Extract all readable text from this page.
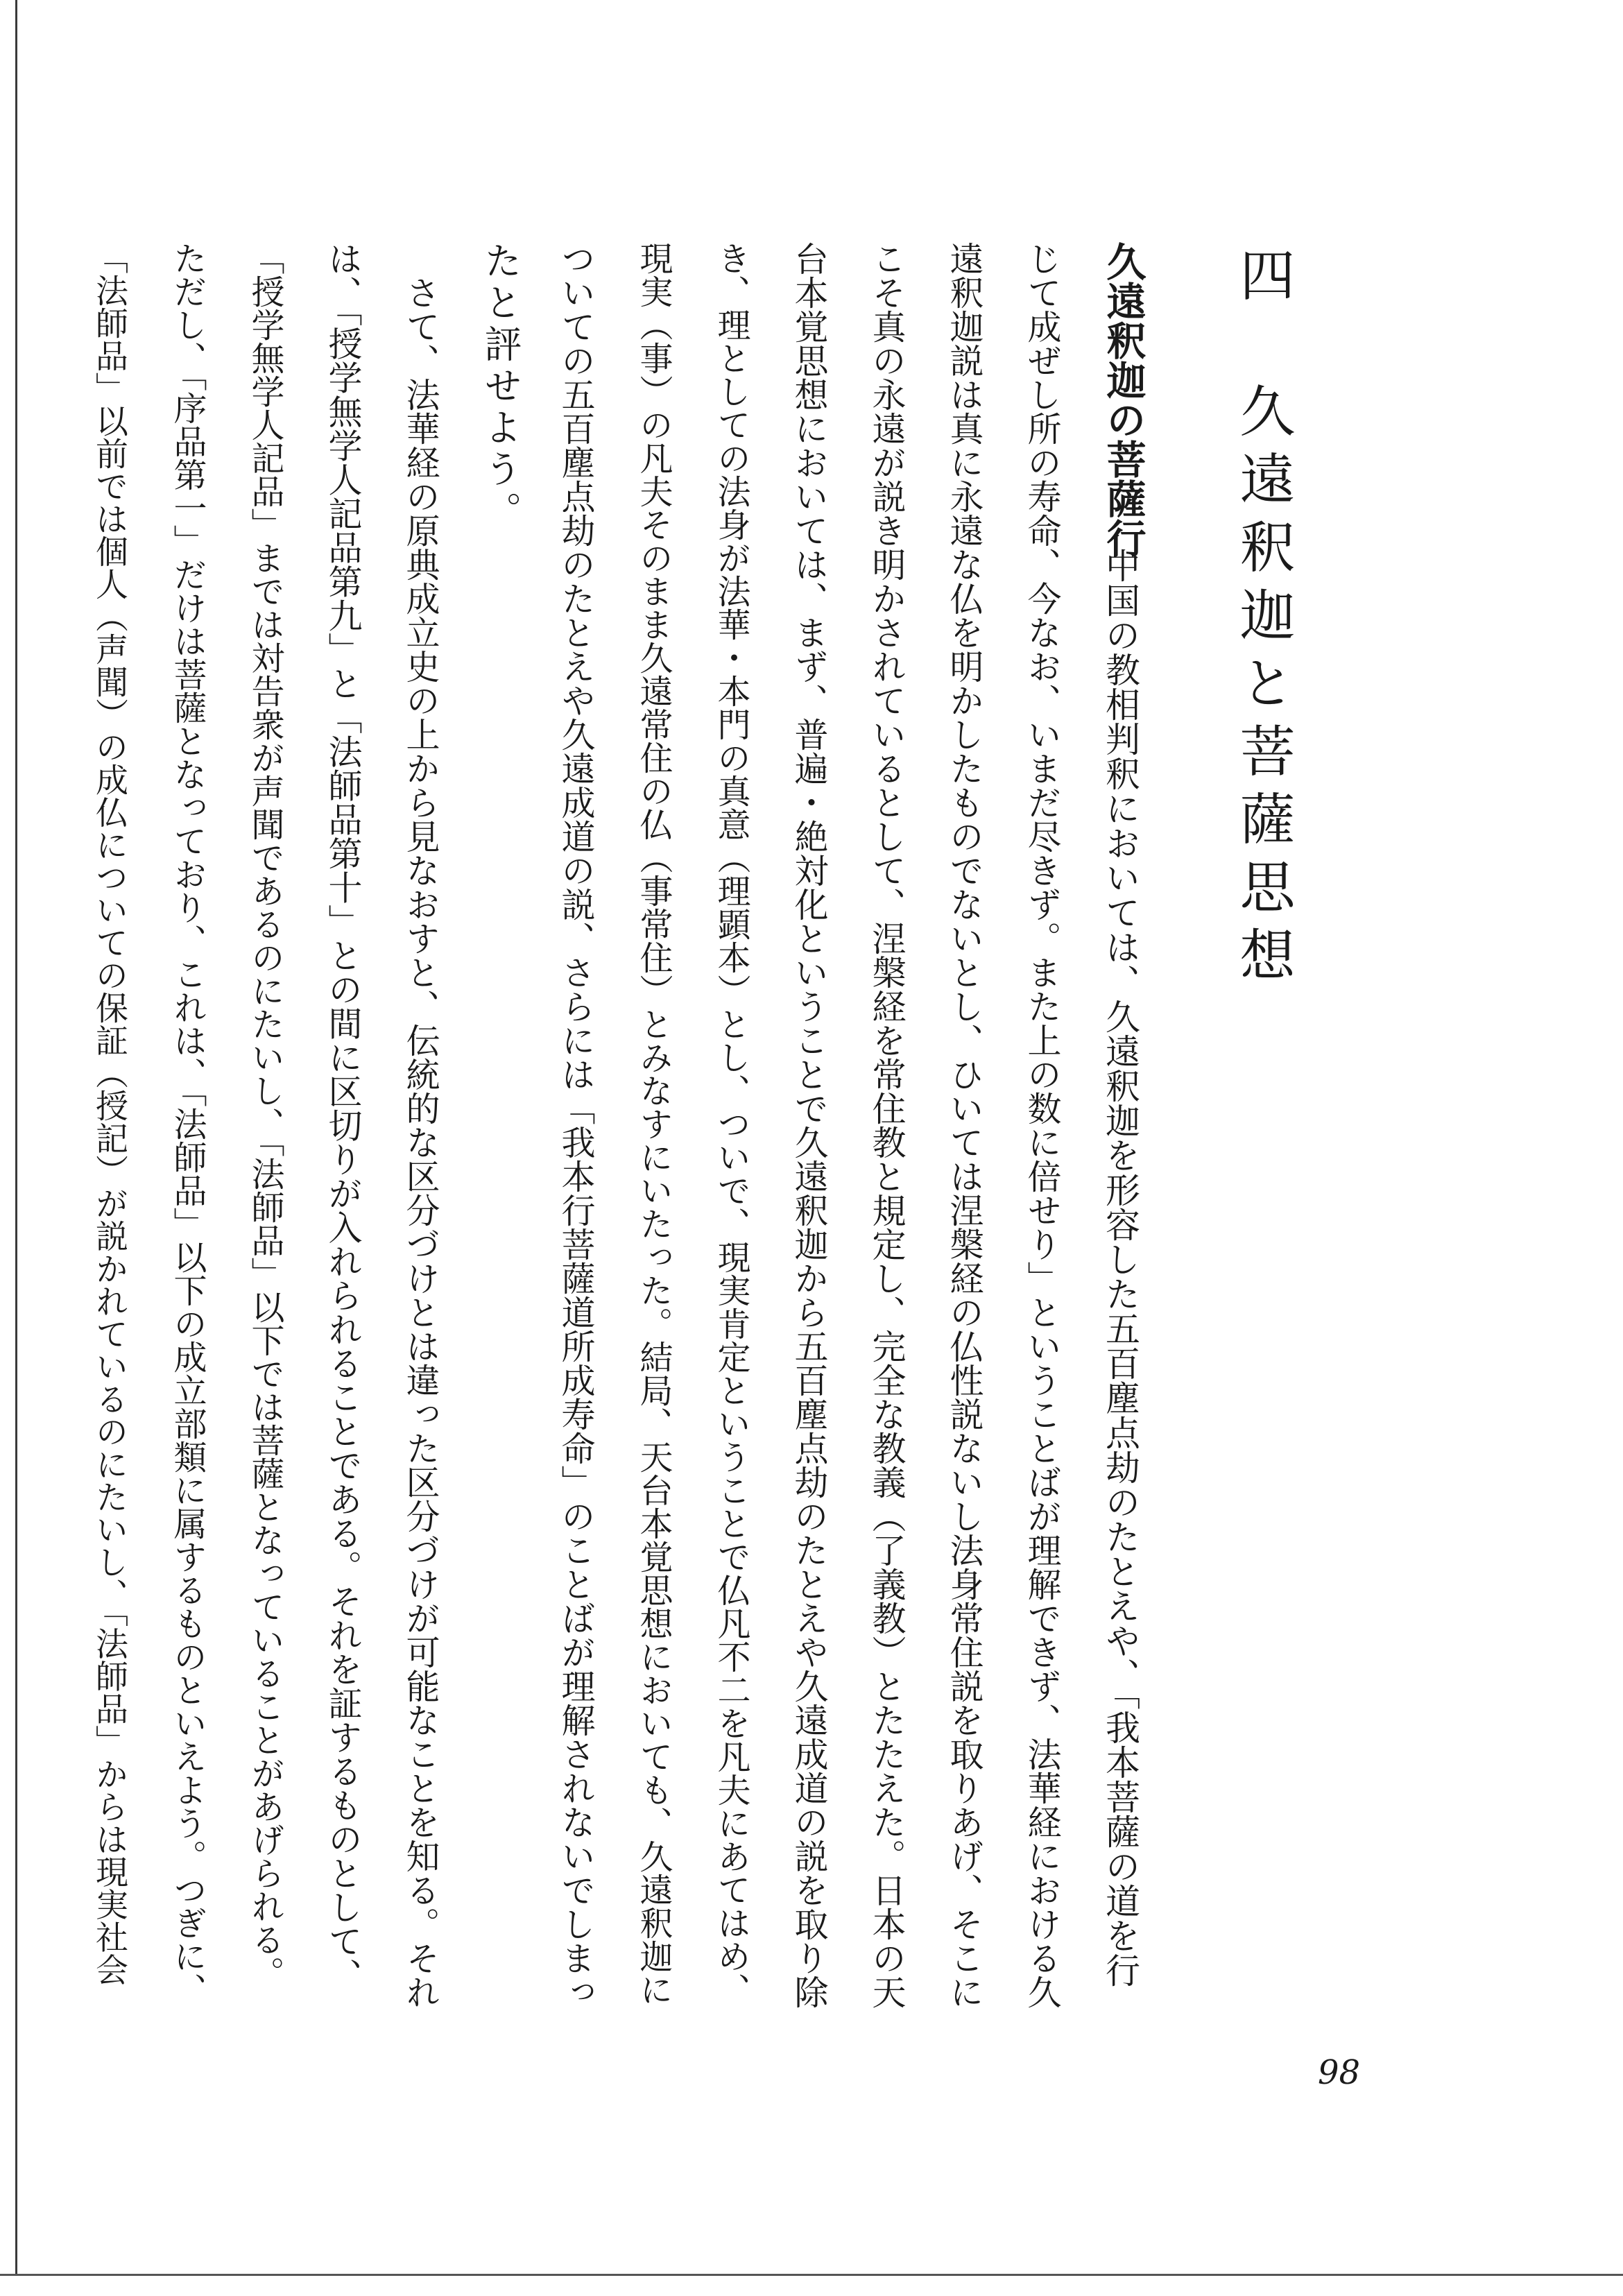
四　久遠釈迦と菩薩思想
久遠釈迦の菩薩行
中国の教相判釈においては、久遠釈迦を形容した五百塵点劫のたとえや、「我本菩薩の道を行
じて成ぜし所の寿命、今なお、いまだ尽きず。また上の数に倍せり」ということばが理解できず、法華経における久
遠釈迦説は真に永遠な仏を明かしたものでないとし、ひいては涅槃経の仏性説ないし法身常住説を取りあげ、そこに
こそ真の永遠が説き明かされているとして、涅槃経を常住教と規定し、完全な教義（了義教）とたたえた。日本の天
台本覚思想においては、まず、普遍・絶対化ということで久遠釈迦から五百塵点劫のたとえや久遠成道の説を取り除
き、理としての法身が法華・本門の真意（理顕本）とし、ついで、現実肯定ということで仏凡不二を凡夫にあてはめ、
現実（事）の凡夫そのまま久遠常住の仏（事常住）とみなすにいたった。結局、天台本覚思想においても、久遠釈迦に
ついての五百塵点劫のたとえや久遠成道の説、さらには「我本行菩薩道所成寿命」のことばが理解されないでしまっ
たと評せよう。
　さて、法華経の原典成立史の上から見なおすと、伝統的な区分づけとは違った区分づけが可能なことを知る。それ
は、「授学無学人記品第九」と「法師品第十」との間に区切りが入れられることである。それを証するものとして、
「授学無学人記品」までは対告衆が声聞であるのにたいし、「法師品」以下では菩薩となっていることがあげられる。
ただし、「序品第一」だけは菩薩となっており、これは、「法師品」以下の成立部類に属するものといえよう。つぎに、
「法師品」以前では個人（声聞）の成仏についての保証（授記）が説かれているのにたいし、「法師品」からは現実社会
98
